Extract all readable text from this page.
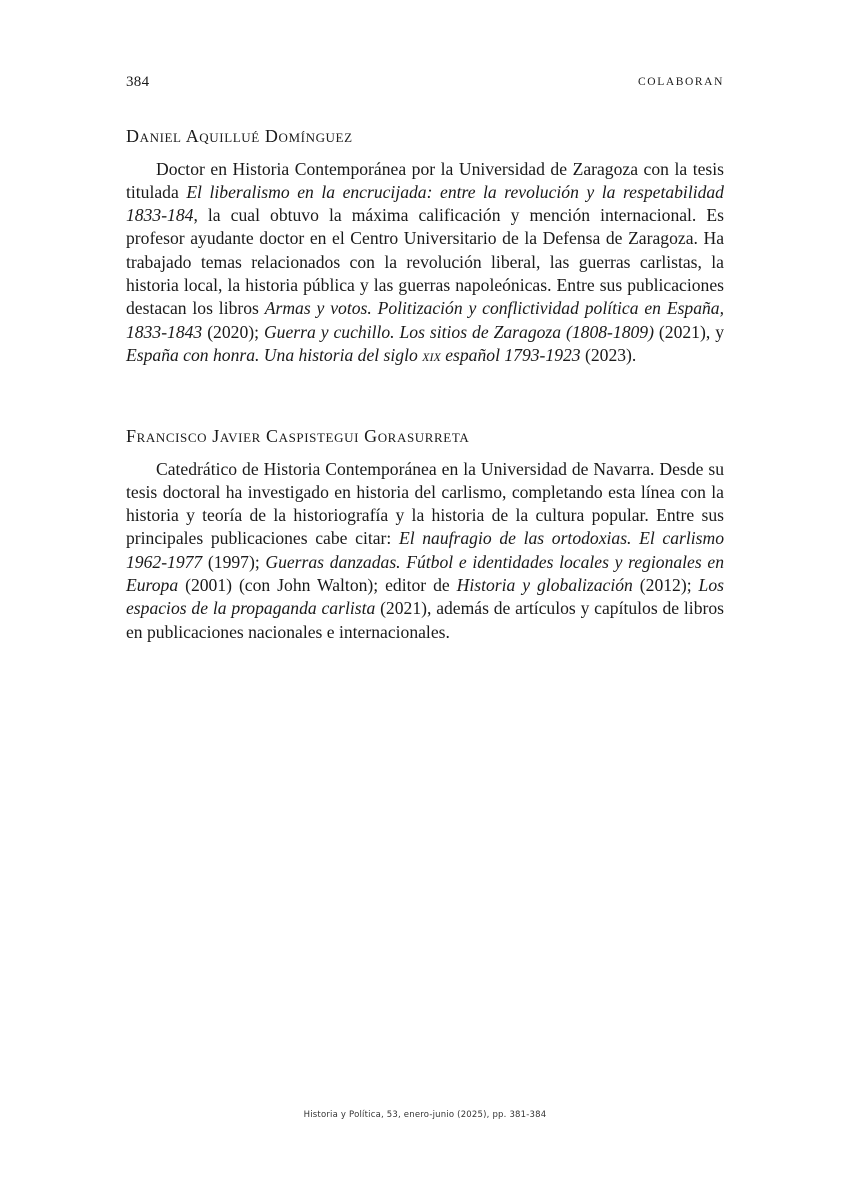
384	COLABORAN
Daniel Aquillué Domínguez

Doctor en Historia Contemporánea por la Universidad de Zaragoza con la tesis titulada El liberalismo en la encrucijada: entre la revolución y la respetabilidad 1833-184, la cual obtuvo la máxima calificación y mención internacional. Es profesor ayudante doctor en el Centro Universitario de la Defensa de Zaragoza. Ha trabajado temas relacionados con la revolución liberal, las guerras carlistas, la historia local, la historia pública y las guerras napoleónicas. Entre sus publicaciones destacan los libros Armas y votos. Politización y conflictividad política en España, 1833-1843 (2020); Guerra y cuchillo. Los sitios de Zaragoza (1808-1809) (2021), y España con honra. Una historia del siglo xix español 1793-1923 (2023).

Francisco Javier Caspistegui Gorasurreta

Catedrático de Historia Contemporánea en la Universidad de Navarra. Desde su tesis doctoral ha investigado en historia del carlismo, completando esta línea con la historia y teoría de la historiografía y la historia de la cultura popular. Entre sus principales publicaciones cabe citar: El naufragio de las ortodoxias. El carlismo 1962-1977 (1997); Guerras danzadas. Fútbol e identidades locales y regionales en Europa (2001) (con John Walton); editor de Historia y globalización (2012); Los espacios de la propaganda carlista (2021), además de artículos y capítulos de libros en publicaciones nacionales e internacionales.

Historia y Política, 53, enero-junio (2025), pp. 381-384
